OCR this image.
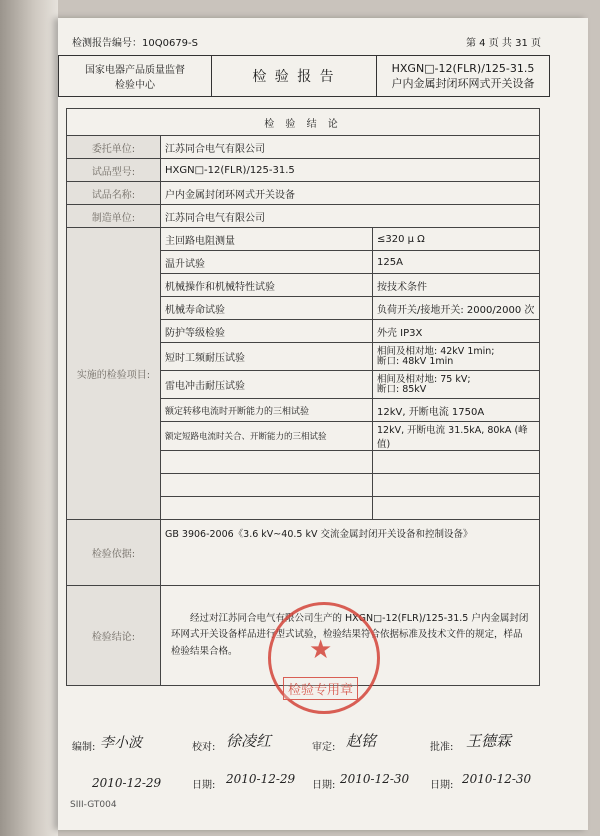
检测报告编号：10Q0679-S	第 4 页 共 31 页
国家电器产品质量监督
检验中心
	检 验 报 告	
HXGN□-12(FLR)/125-31.5
户内金属封闭环网式开关设备
检 验 结 论		
委托单位:	江苏同合电气有限公司	
试品型号:	HXGN□-12(FLR)/125-31.5	
试品名称:	户内金属封闭环网式开关设备	
制造单位:	江苏同合电气有限公司	
实施的检验项目:	主回路电阻测量	≤320 μ Ω
	温升试验	125A
	机械操作和机械特性试验	按技术条件
	机械寿命试验	负荷开关/接地开关: 2000/2000 次
	防护等级检验	外壳 IP3X
	短时工频耐压试验	相间及相对地: 42kV 1min;
断口: 48kV 1min
	雷电冲击耐压试验	相间及相对地: 75 kV;
断口: 85kV
	额定转移电流时开断能力的三相试验	12kV, 开断电流 1750A
	额定短路电流时关合、开断能力的三相试验	12kV, 开断电流 31.5kA, 80kA (峰值)

检验依据:	GB 3906-2006《3.6 kV~40.5 kV 交流金属封闭开关设备和控制设备》	
检验结论:	经过对江苏同合电气有限公司生产的 HXGN□-12(FLR)/125-31.5 户内金属封闭环网式开关设备样品进行型式试验，检验结果符合依据标准及技术文件的规定，样品检验结果合格。		★
检验专用章
编制: 李小波	校对: 徐凌红	审定: 赵铭	批准: 王德霖
2010-12-29	日期: 2010-12-29 日期: 2010-12-30 日期: 2010-12-30
SIII-GT004
